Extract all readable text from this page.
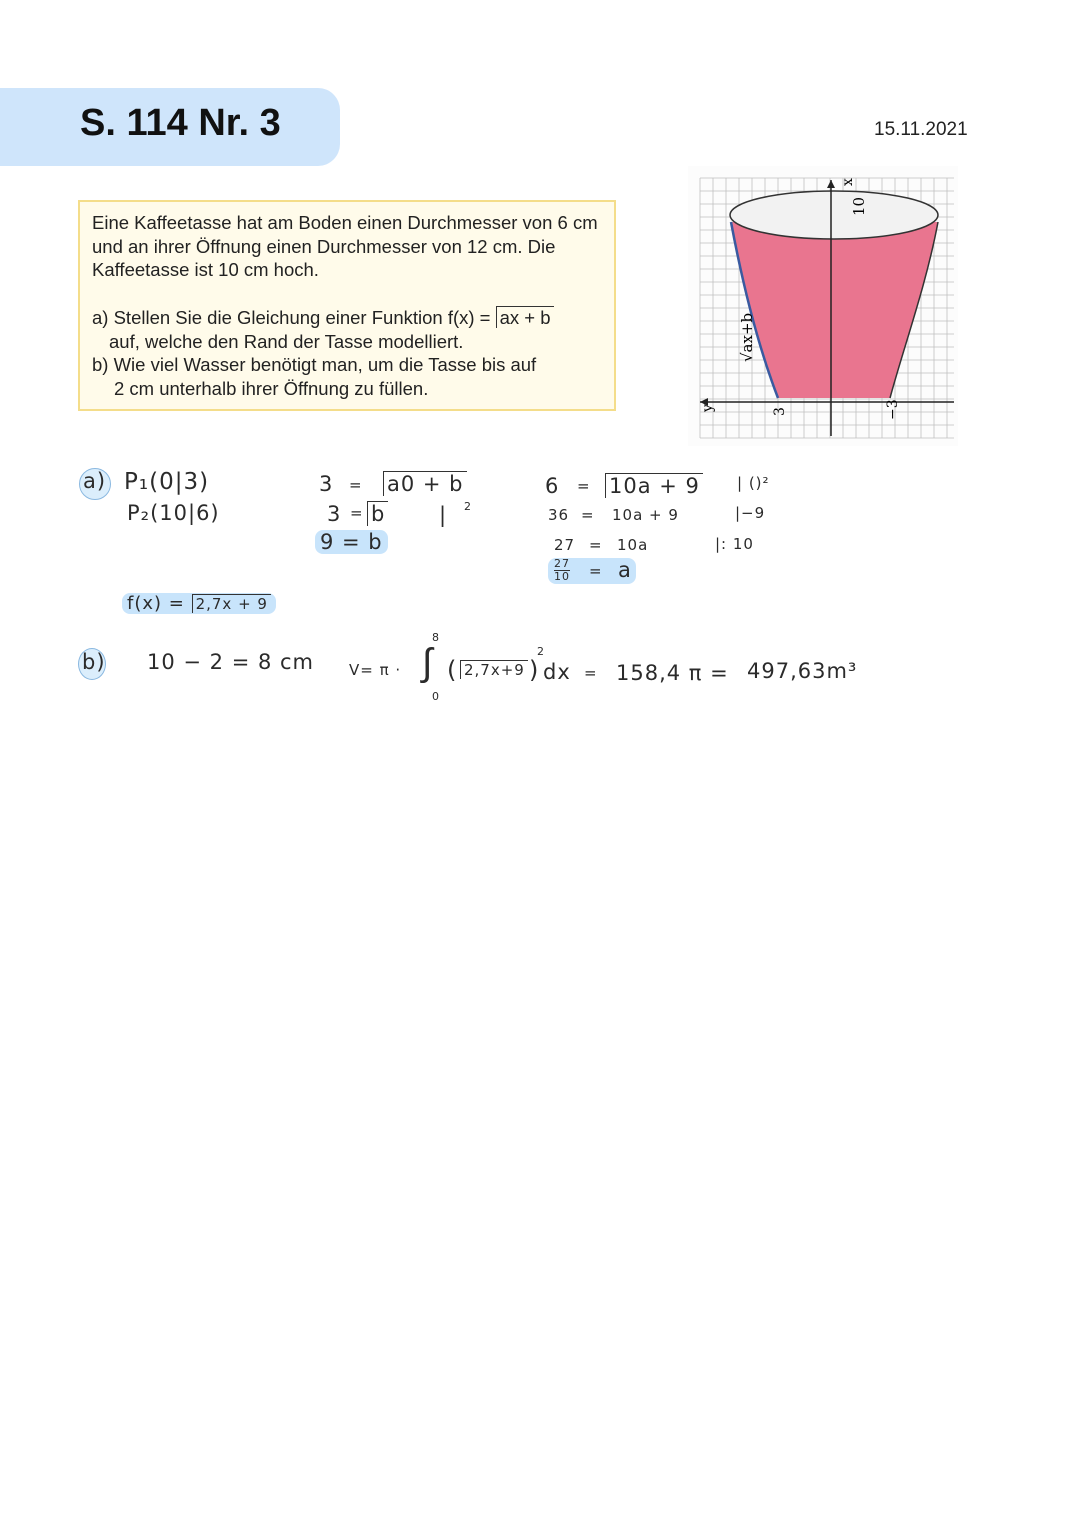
S. 114 Nr. 3	15.11.2021
Eine Kaffeetasse hat am Boden einen Durchmesser von 6 cm und an ihrer Öffnung einen Durchmesser von 12 cm. Die Kaffeetasse ist 10 cm hoch.
a) Stellen Sie die Gleichung einer Funktion f(x) = ax + b
auf, welche den Rand der Tasse modelliert.
b) Wie viel Wasser benötigt man, um die Tasse bis auf
2 cm unterhalb ihrer Öffnung zu füllen.
y
x
3	−3
10
√ax+b
a) P₁(0|3)
P₂(10|6)
3 = a0 + b
| 2
3 = b
9 = b
6 = 10a + 9 | ()²
36 = 10a + 9	|−9
27 = 10a	|: 10
27
10 = a
f(x) = 2,7x + 9
b) 10 − 2 = 8 cm V= π · ∫
8
0
( 2,7x+9 )
2
dx = 158,4 π = 497,63m³
